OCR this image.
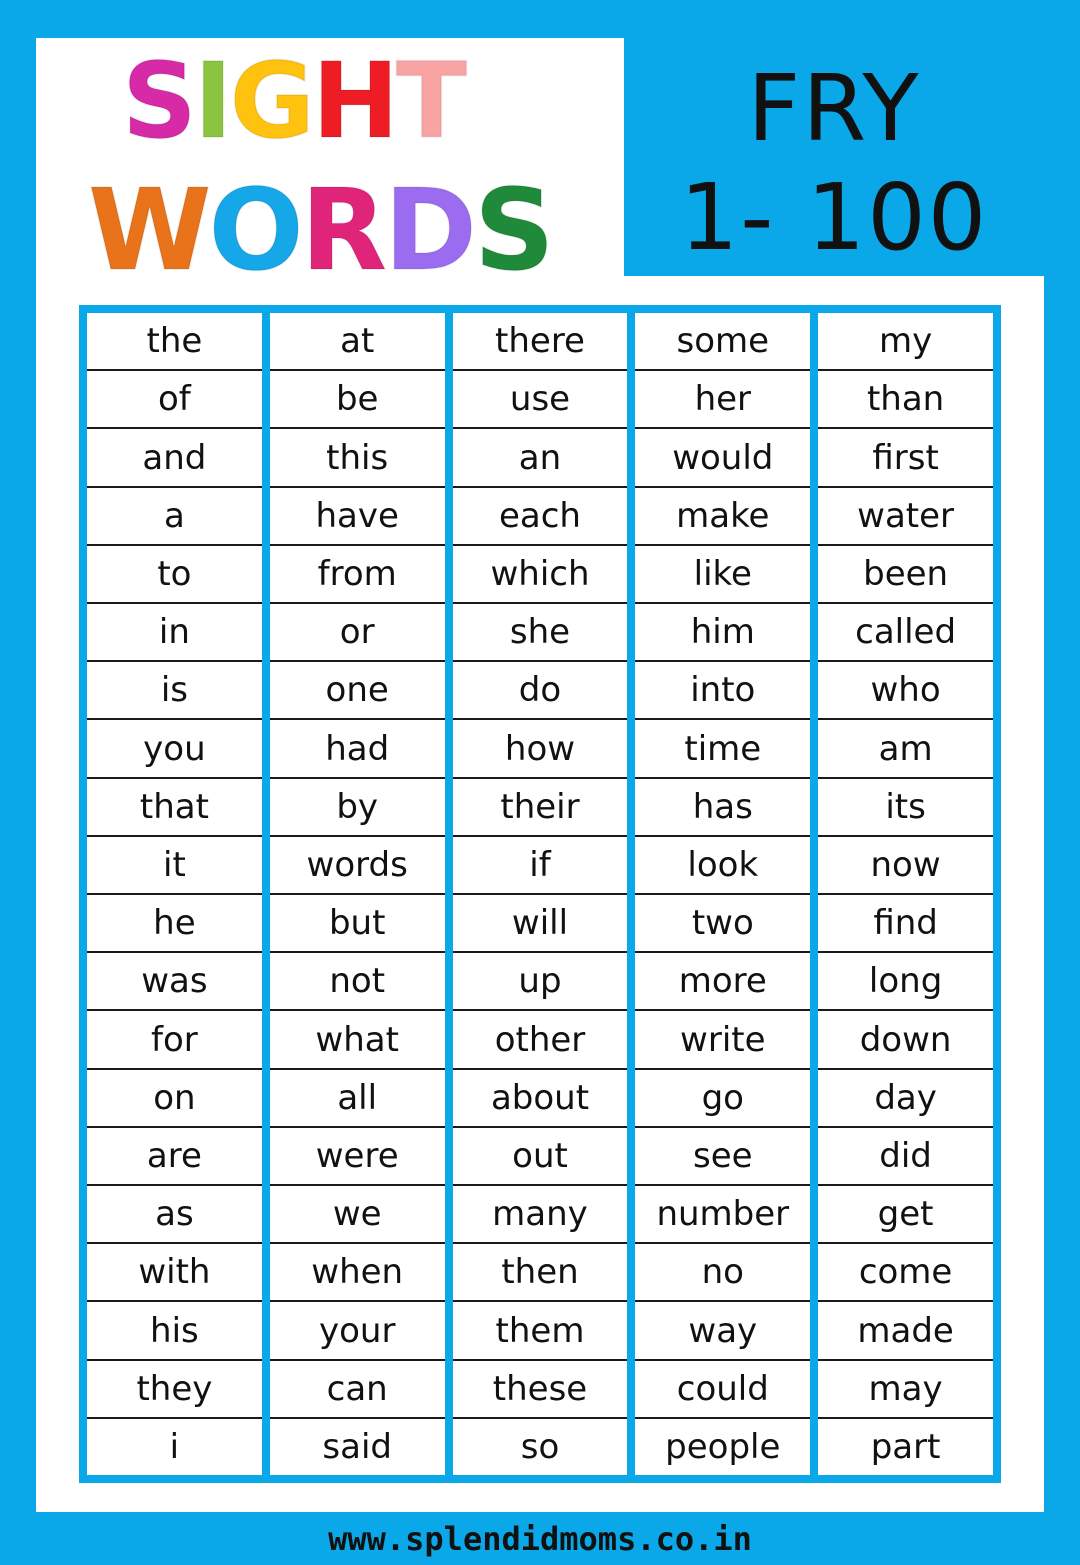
S I G H T
W O R D S
FRY
1- 100
the
of
and
a
to
in
is
you
that
it
he
was
for
on
are
as
with
his
they
i
at
be
this
have
from
or
one
had
by
words
but
not
what
all
were
we
when
your
can
said
there
use
an
each
which
she
do
how
their
if
will
up
other
about
out
many
then
them
these
so
some
her
would
make
like
him
into
time
has
look
two
more
write
go
see
number
no
way
could
people
my
than
first
water
been
called
who
am
its
now
find
long
down
day
did
get
come
made
may
part
www.splendidmoms.co.in
